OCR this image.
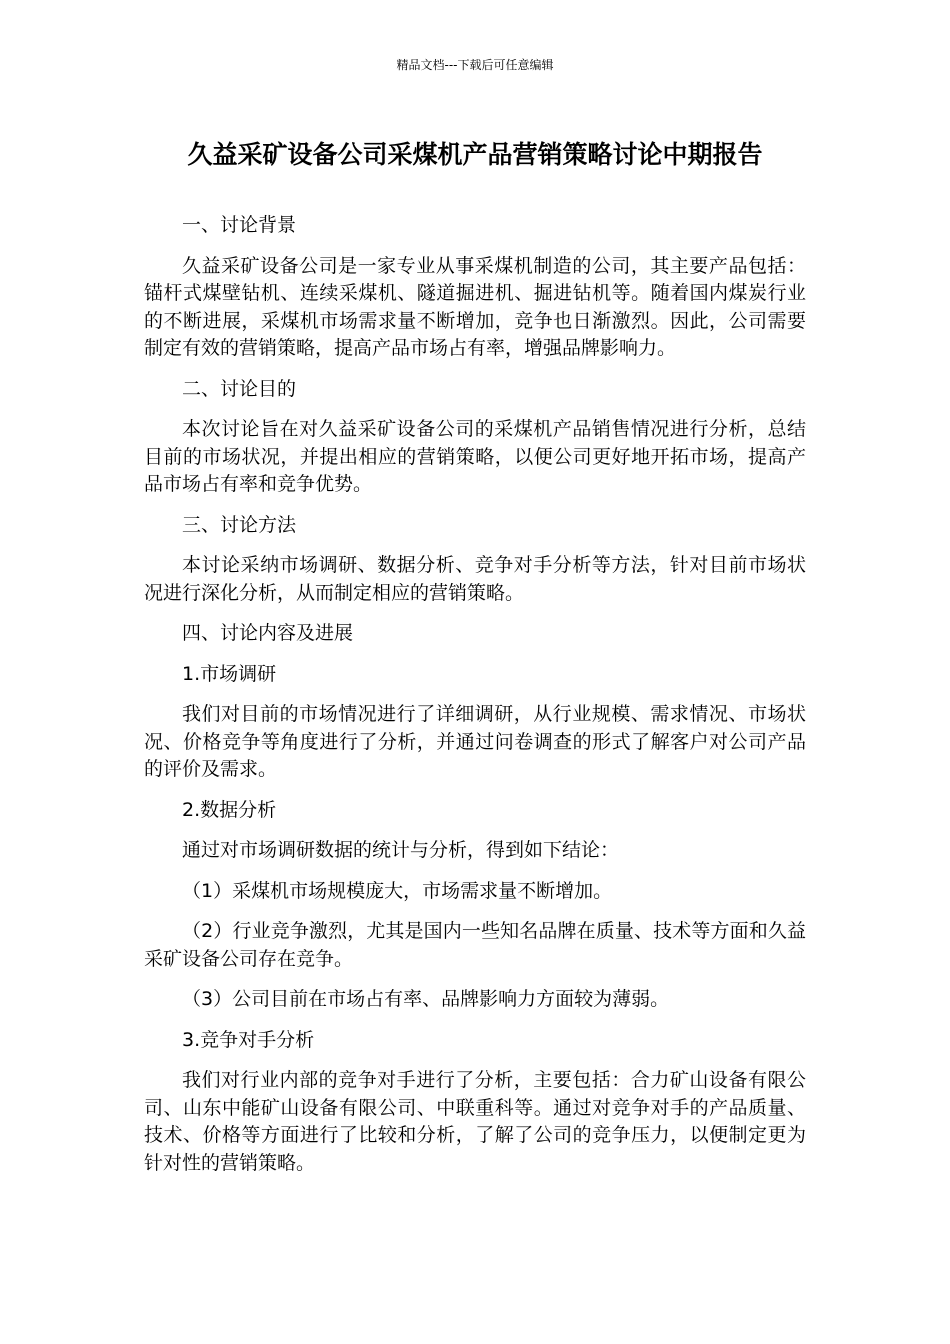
精品文档---下载后可任意编辑
久益采矿设备公司采煤机产品营销策略讨论中期报告

一、讨论背景

久益采矿设备公司是一家专业从事采煤机制造的公司，其主要产品包括：锚杆式煤壁钻机、连续采煤机、隧道掘进机、掘进钻机等。随着国内煤炭行业的不断进展，采煤机市场需求量不断增加，竞争也日渐激烈。因此，公司需要制定有效的营销策略，提高产品市场占有率，增强品牌影响力。

二、讨论目的

本次讨论旨在对久益采矿设备公司的采煤机产品销售情况进行分析，总结目前的市场状况，并提出相应的营销策略，以便公司更好地开拓市场，提高产品市场占有率和竞争优势。

三、讨论方法

本讨论采纳市场调研、数据分析、竞争对手分析等方法，针对目前市场状况进行深化分析，从而制定相应的营销策略。

四、讨论内容及进展

1.市场调研

我们对目前的市场情况进行了详细调研，从行业规模、需求情况、市场状况、价格竞争等角度进行了分析，并通过问卷调查的形式了解客户对公司产品的评价及需求。

2.数据分析

通过对市场调研数据的统计与分析，得到如下结论：

（1）采煤机市场规模庞大，市场需求量不断增加。

（2）行业竞争激烈，尤其是国内一些知名品牌在质量、技术等方面和久益采矿设备公司存在竞争。

（3）公司目前在市场占有率、品牌影响力方面较为薄弱。

3.竞争对手分析

我们对行业内部的竞争对手进行了分析，主要包括：合力矿山设备有限公司、山东中能矿山设备有限公司、中联重科等。通过对竞争对手的产品质量、技术、价格等方面进行了比较和分析，了解了公司的竞争压力，以便制定更为针对性的营销策略。
